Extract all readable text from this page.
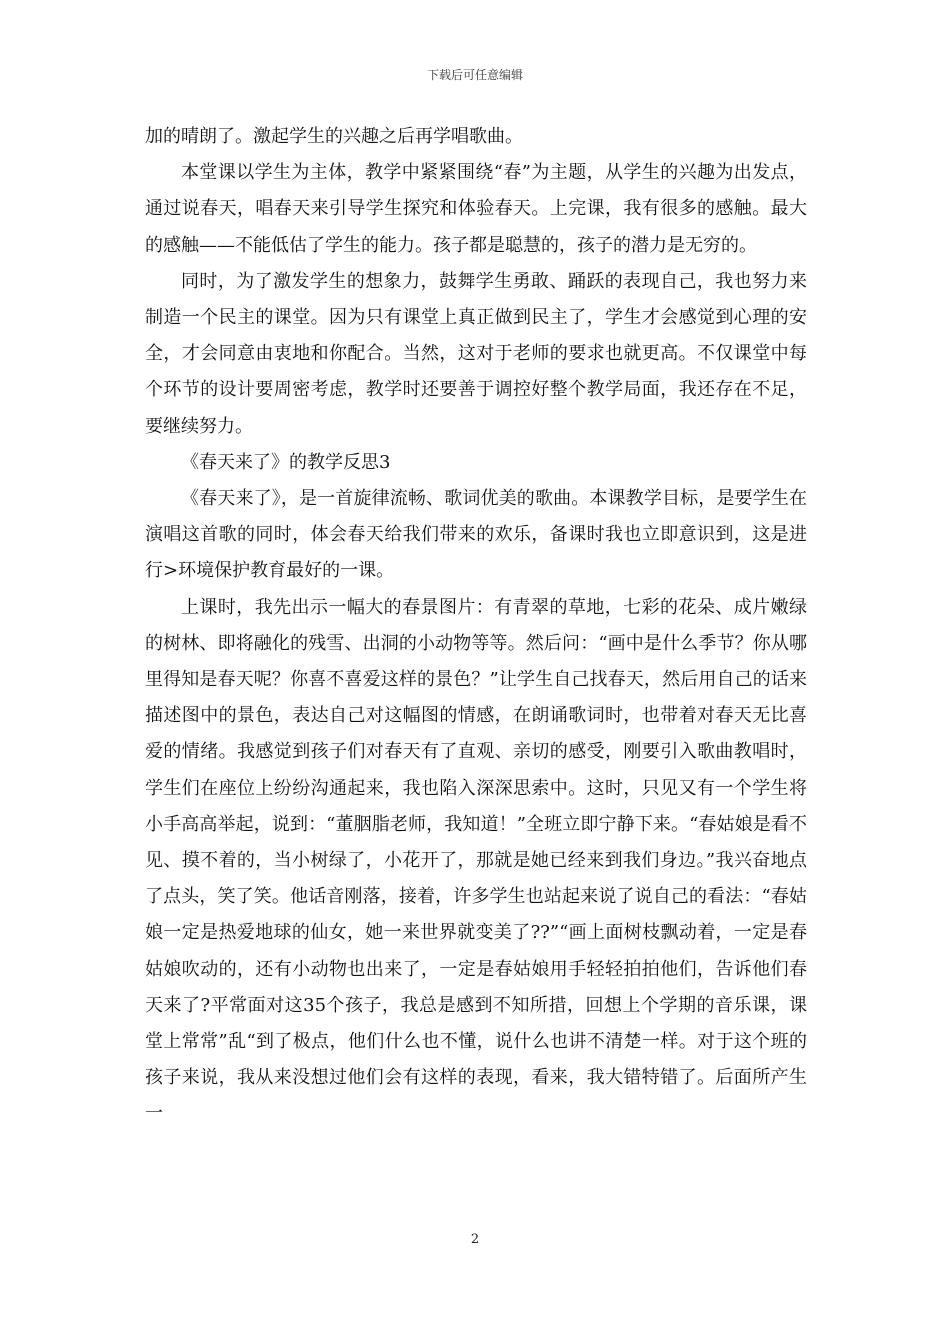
下载后可任意编辑

加的晴朗了。激起学生的兴趣之后再学唱歌曲。

本堂课以学生为主体，教学中紧紧围绕“春”为主题，从学生的兴趣为出发点，通过说春天，唱春天来引导学生探究和体验春天。上完课，我有很多的感触。最大的感触——不能低估了学生的能力。孩子都是聪慧的，孩子的潜力是无穷的。

同时，为了激发学生的想象力，鼓舞学生勇敢、踊跃的表现自己，我也努力来制造一个民主的课堂。因为只有课堂上真正做到民主了，学生才会感觉到心理的安全，才会同意由衷地和你配合。当然，这对于老师的要求也就更高。不仅课堂中每个环节的设计要周密考虑，教学时还要善于调控好整个教学局面，我还存在不足，要继续努力。

《春天来了》的教学反思3

《春天来了》，是一首旋律流畅、歌词优美的歌曲。本课教学目标，是要学生在演唱这首歌的同时，体会春天给我们带来的欢乐，备课时我也立即意识到，这是进行>环境保护教育最好的一课。

上课时，我先出示一幅大的春景图片：有青翠的草地，七彩的花朵、成片嫩绿的树林、即将融化的残雪、出洞的小动物等等。然后问：“画中是什么季节？你从哪里得知是春天呢？你喜不喜爱这样的景色？”让学生自己找春天，然后用自己的话来描述图中的景色，表达自己对这幅图的情感，在朗诵歌词时，也带着对春天无比喜爱的情绪。我感觉到孩子们对春天有了直观、亲切的感受，刚要引入歌曲教唱时，学生们在座位上纷纷沟通起来，我也陷入深深思索中。这时，只见又有一个学生将小手高高举起，说到：“董胭脂老师，我知道！”全班立即宁静下来。“春姑娘是看不见、摸不着的，当小树绿了，小花开了，那就是她已经来到我们身边。”我兴奋地点了点头，笑了笑。他话音刚落，接着，许多学生也站起来说了说自己的看法：“春姑娘一定是热爱地球的仙女，她一来世界就变美了??”“画上面树枝飘动着，一定是春姑娘吹动的，还有小动物也出来了，一定是春姑娘用手轻轻拍拍他们，告诉他们春天来了?平常面对这35个孩子，我总是感到不知所措，回想上个学期的音乐课，课堂上常常”乱“到了极点，他们什么也不懂，说什么也讲不清楚一样。对于这个班的孩子来说，我从来没想过他们会有这样的表现，看来，我大错特错了。后面所产生一

2
